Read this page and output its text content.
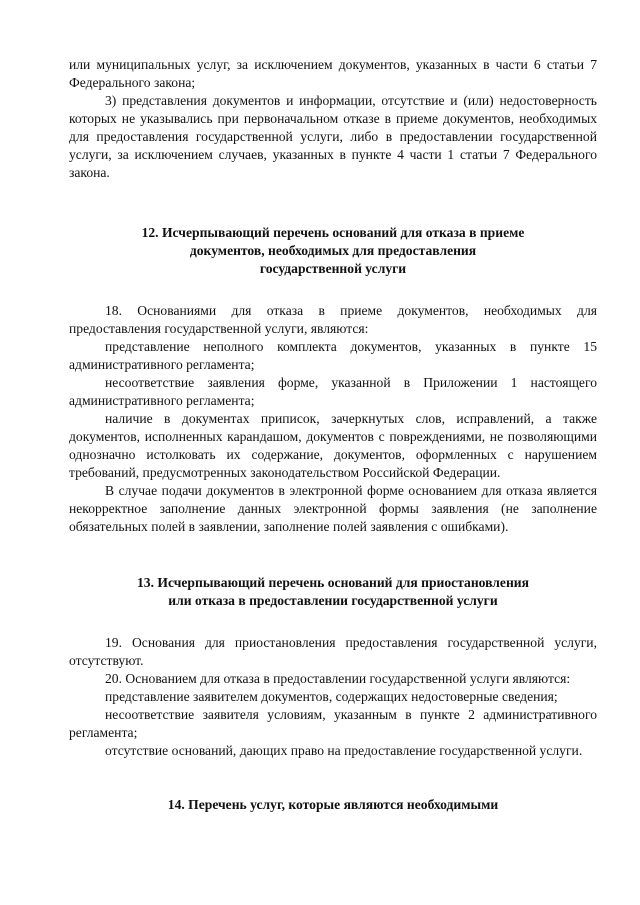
или муниципальных услуг, за исключением документов, указанных в части 6 статьи 7 Федерального закона;

3) представления документов и информации, отсутствие и (или) недостоверность которых не указывались при первоначальном отказе в приеме документов, необходимых для предоставления государственной услуги, либо в предоставлении государственной услуги, за исключением случаев, указанных в пункте 4 части 1 статьи 7 Федерального закона.

12. Исчерпывающий перечень оснований для отказа в приеме

документов, необходимых для предоставления

государственной услуги

18. Основаниями для отказа в приеме документов, необходимых для предоставления государственной услуги, являются:

представление неполного комплекта документов, указанных в пункте 15 административного регламента;

несоответствие заявления форме, указанной в Приложении 1 настоящего административного регламента;

наличие в документах приписок, зачеркнутых слов, исправлений, а также документов, исполненных карандашом, документов с повреждениями, не позволяющими однозначно истолковать их содержание, документов, оформленных с нарушением требований, предусмотренных законодательством Российской Федерации.

В случае подачи документов в электронной форме основанием для отказа является некорректное заполнение данных электронной формы заявления (не заполнение обязательных полей в заявлении, заполнение полей заявления с ошибками).

13. Исчерпывающий перечень оснований для приостановления

или отказа в предоставлении государственной услуги

19. Основания для приостановления предоставления государственной услуги, отсутствуют.

20. Основанием для отказа в предоставлении государственной услуги являются:

представление заявителем документов, содержащих недостоверные сведения;

несоответствие заявителя условиям, указанным в пункте 2 административного регламента;

отсутствие оснований, дающих право на предоставление государственной услуги.

14. Перечень услуг, которые являются необходимыми
